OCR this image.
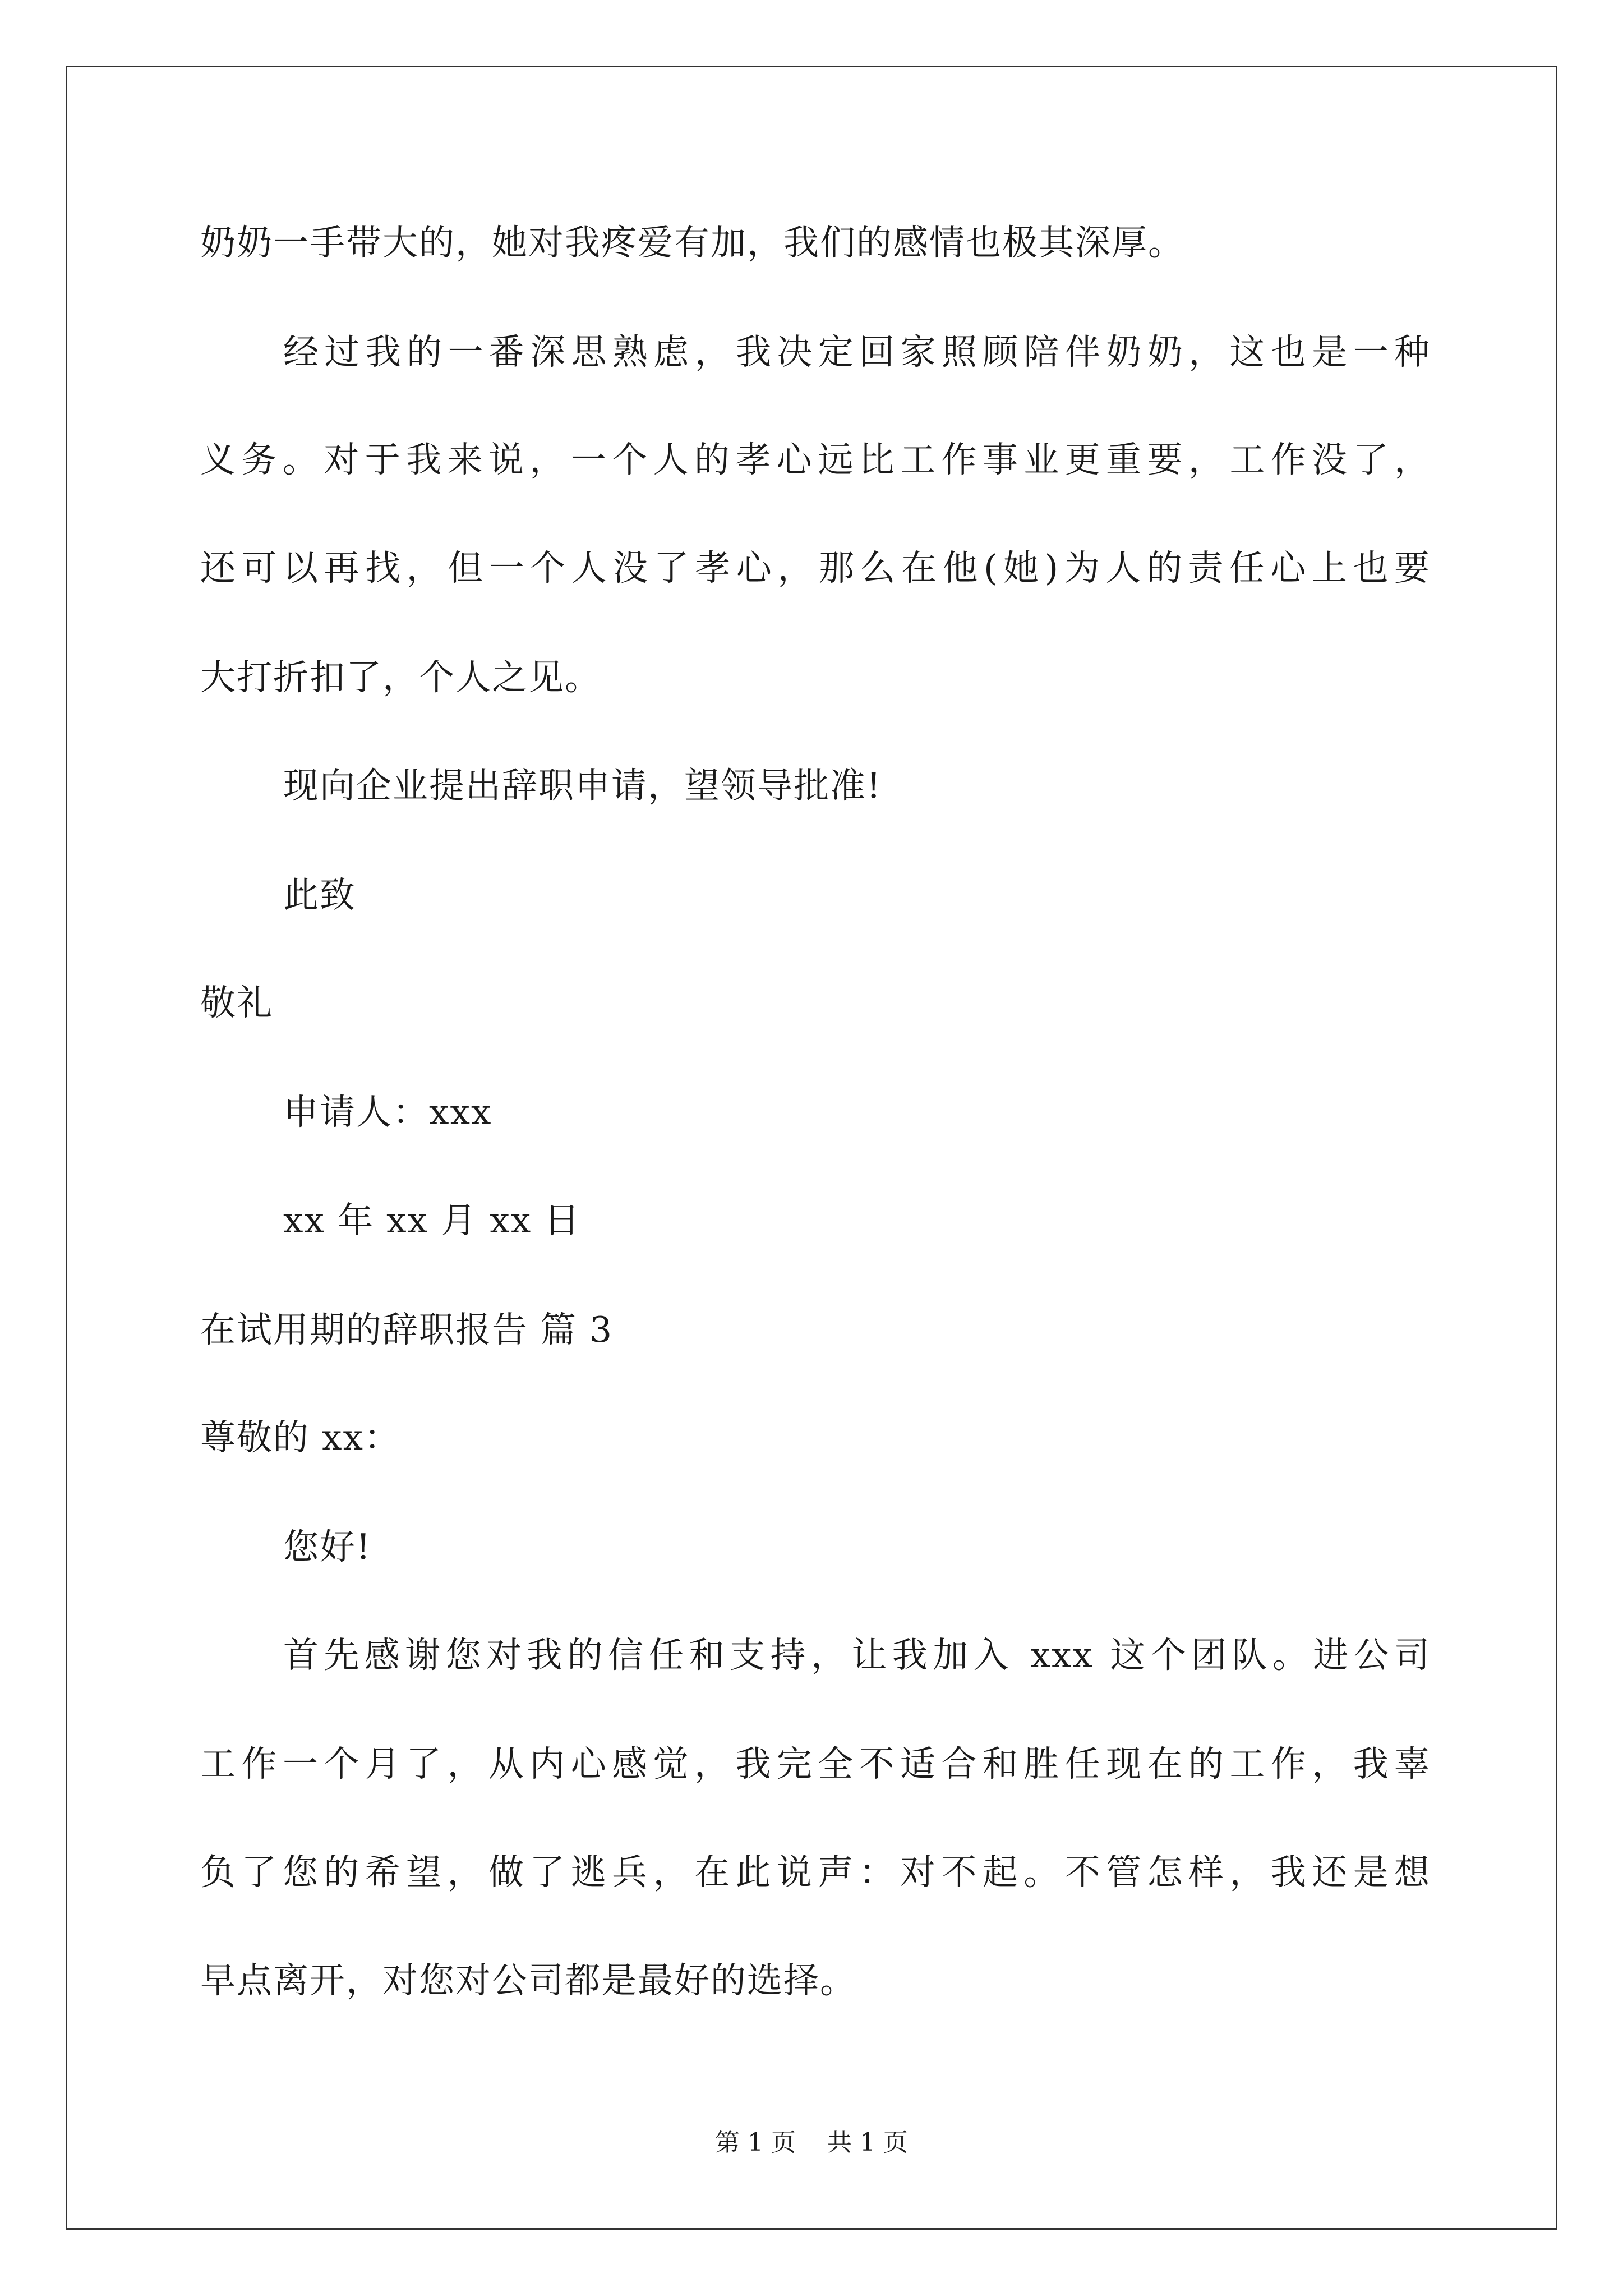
奶奶一手带大的，她对我疼爱有加，我们的感情也极其深厚。
经过我的一番深思熟虑，我决定回家照顾陪伴奶奶，这也是一种
义务。对于我来说，一个人的孝心远比工作事业更重要，工作没了，
还可以再找，但一个人没了孝心，那么在他(她)为人的责任心上也要
大打折扣了，个人之见。
现向企业提出辞职申请，望领导批准!
此致
敬礼
申请人：xxx
xx 年 xx 月 xx 日
在试用期的辞职报告 篇 3
尊敬的 xx：
您好!
首先感谢您对我的信任和支持，让我加入 xxx 这个团队。进公司
工作一个月了，从内心感觉，我完全不适合和胜任现在的工作，我辜
负了您的希望，做了逃兵，在此说声：对不起。不管怎样，我还是想
早点离开，对您对公司都是最好的选择。
第 1 页    共 1 页
